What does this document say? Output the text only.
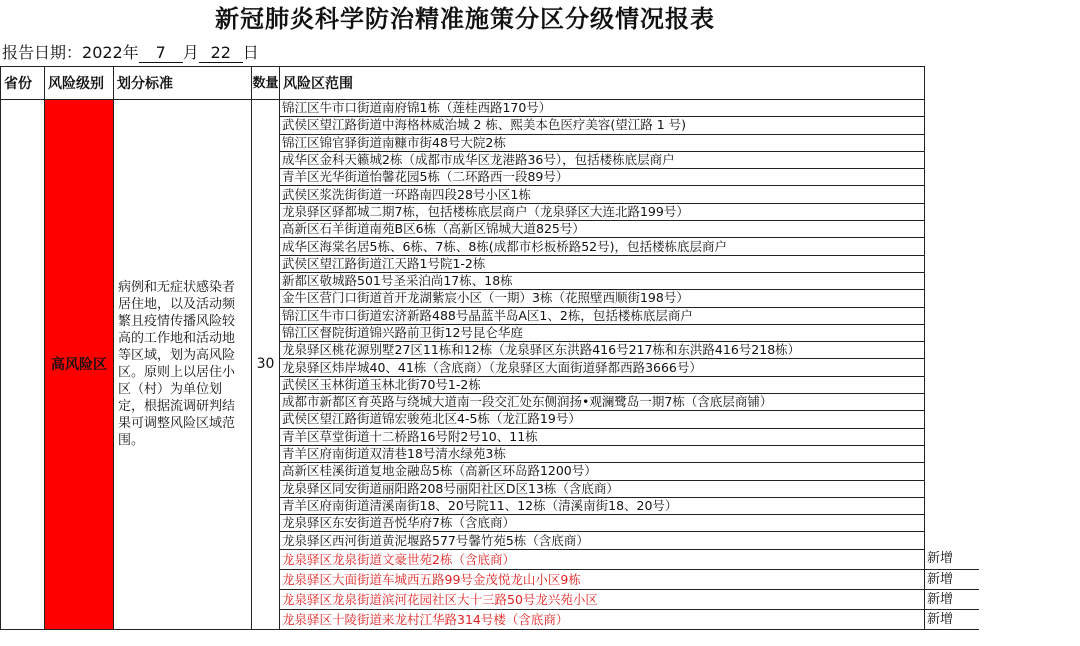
新冠肺炎科学防治精准施策分区分级情况报表
报告日期：2022年 7 月 22 日
省份	风险级别	划分标准	数量	风险区范围	
	高风险区	病例和无症状感染者居住地，以及活动频繁且疫情传播风险较高的工作地和活动地等区域，划为高风险区。原则上以居住小区（村）为单位划定，根据流调研判结果可调整风险区域范围。	30	锦江区牛市口街道南府锦1栋（莲桂西路170号）	
				武侯区望江路街道中海格林威治城 2 栋、熙美本色医疗美容(望江路 1 号)	
				锦江区锦官驿街道南糠市街48号大院2栋	
				成华区金科天籁城2栋（成都市成华区龙港路36号），包括楼栋底层商户	
				青羊区光华街道怡馨花园5栋（二环路西一段89号）	
				武侯区浆洗街街道一环路南四段28号小区1栋	
				龙泉驿区驿都城二期7栋，包括楼栋底层商户（龙泉驿区大连北路199号）	
				高新区石羊街道南苑B区6栋（高新区锦城大道825号）	
				成华区海棠名居5栋、6栋、7栋、8栋(成都市杉板桥路52号)，包括楼栋底层商户	
				武侯区望江路街道江天路1号院1-2栋	
				新都区敬城路501号圣采泊尚17栋、18栋	
				金牛区营门口街道首开龙湖紫宸小区（一期）3栋（花照壁西顺街198号）	
				锦江区牛市口街道宏济新路488号晶蓝半岛A区1、2栋，包括楼栋底层商户	
				锦江区督院街道锦兴路前卫街12号昆仑华庭	
				龙泉驿区桃花源别墅27区11栋和12栋（龙泉驿区东洪路416号217栋和东洪路416号218栋）	
				龙泉驿区炜岸城40、41栋（含底商）（龙泉驿区大面街道驿都西路3666号）	
				武侯区玉林街道玉林北街70号1-2栋	
				成都市新都区育英路与绕城大道南一段交汇处东侧润扬•观澜鹭岛一期7栋（含底层商铺）	
				武侯区望江路街道锦宏骏苑北区4-5栋（龙江路19号）	
				青羊区草堂街道十二桥路16号附2号10、11栋	
				青羊区府南街道双清巷18号清水绿苑3栋	
				高新区桂溪街道复地金融岛5栋（高新区环岛路1200号）	
				龙泉驿区同安街道丽阳路208号丽阳社区D区13栋（含底商）	
				青羊区府南街道清溪南街18、20号院11、12栋（清溪南街18、20号）	
				龙泉驿区东安街道吾悦华府7栋（含底商）	
				龙泉驿区西河街道黄泥堰路577号馨竹苑5栋（含底商）	
				龙泉驿区龙泉街道文豪世苑2栋（含底商）	新增
				龙泉驿区大面街道车城西五路99号金茂悦龙山小区9栋	新增
				龙泉驿区龙泉街道滨河花园社区大十三路50号龙兴苑小区	新增
				龙泉驿区十陵街道来龙村江华路314号楼（含底商）	新增
